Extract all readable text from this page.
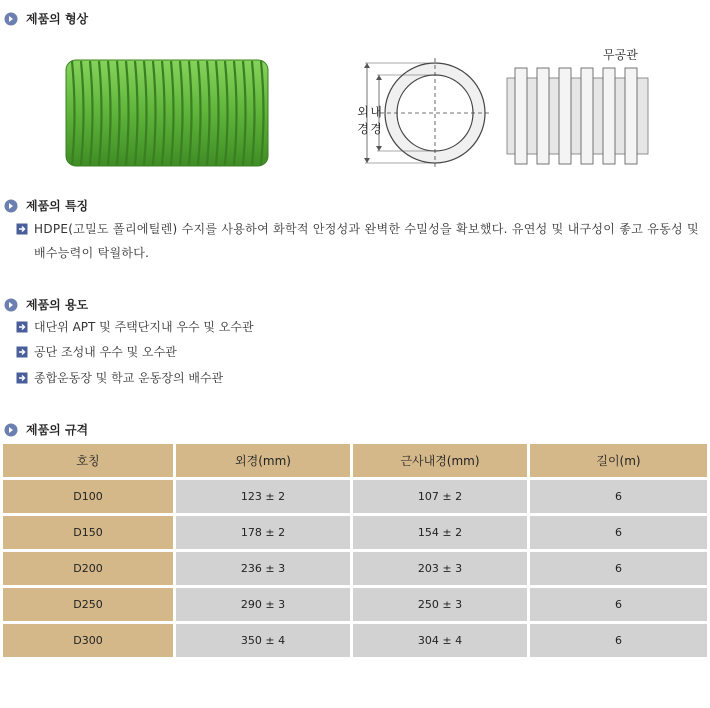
제품의 형상
외경
내경
무공관
제품의 특징
HDPE(고밀도 폴리에틸렌) 수지를 사용하여 화학적 안정성과 완벽한 수밀성을 확보했다. 유연성 및 내구성이 좋고 유동성 및 배수능력이 탁월하다.
제품의 용도
대단위 APT 및 주택단지내 우수 및 오수관
공단 조성내 우수 및 오수관
종합운동장 및 학교 운동장의 배수관
제품의 규격
호칭	외경(mm)	근사내경(mm)	길이(m)
D100	123 ± 2	107 ± 2	6
D150	178 ± 2	154 ± 2	6
D200	236 ± 3	203 ± 3	6
D250	290 ± 3	250 ± 3	6
D300	350 ± 4	304 ± 4	6
